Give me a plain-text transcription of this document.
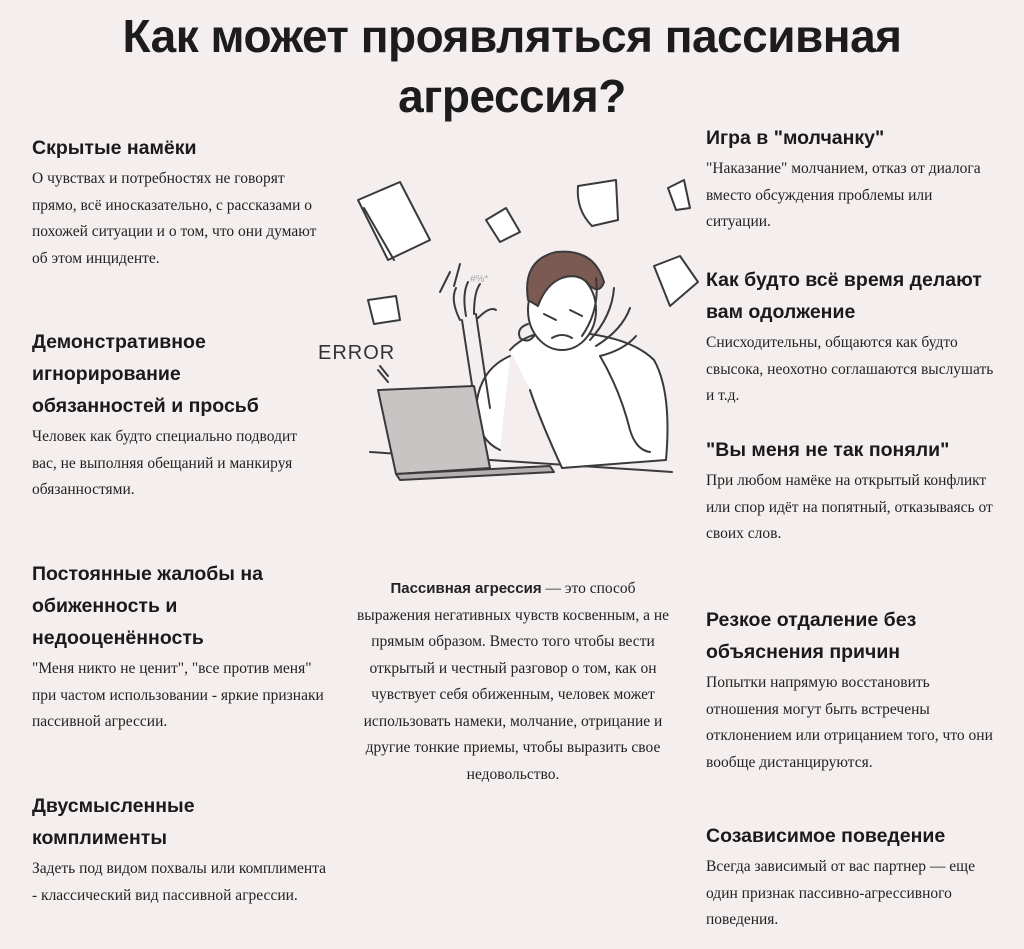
Как может проявляться пассивная
агрессия?
Скрытые намёки

О чувствах и потребностях не говорят прямо, всё иносказательно, с рассказами о похожей ситуации и о том, что они думают об этом инциденте.

Демонстративное игнорирование обязанностей и просьб

Человек как будто специально подводит вас, не выполняя обещаний и манкируя обязанностями.

Постоянные жалобы на обиженность и недооценённость

"Меня никто не ценит", "все против меня" при частом использовании - яркие признаки пассивной агрессии.

Двусмысленные комплименты

Задеть под видом похвалы или комплимента - классический вид пассивной агрессии.

Игра в "молчанку"

"Наказание" молчанием, отказ от диалога вместо обсуждения проблемы или ситуации.

Как будто всё время делают вам одолжение

Снисходительны, общаются как будто свысока, неохотно соглашаются выслушать и т.д.

"Вы меня не так поняли"

При любом намёке на открытый конфликт или спор идёт на попятный, отказываясь от своих слов.

Резкое отдаление без объяснения причин

Попытки напрямую восстановить отношения могут быть встречены отклонением или отрицанием того, что они вообще дистанцируются.

Созависимое поведение

Всегда зависимый от вас партнер — еще один признак пассивно-агрессивного поведения.

Пассивная агрессия — это способ выражения негативных чувств косвенным, а не прямым образом. Вместо того чтобы вести открытый и честный разговор о том, как он чувствует себя обиженным, человек может использовать намеки, молчание, отрицание и другие тонкие приемы, чтобы выразить свое недовольство.
#%*
ERROR
